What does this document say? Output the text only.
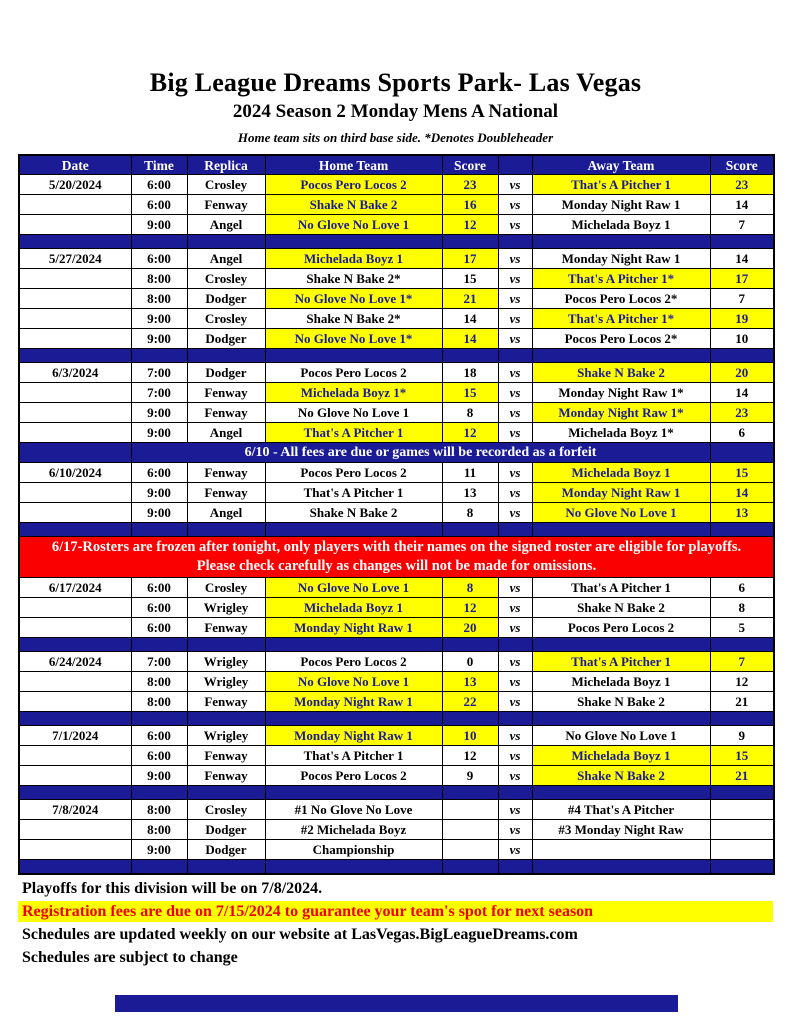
Big League Dreams Sports Park- Las Vegas
2024 Season 2 Monday Mens A National
Home team sits on third base side. *Denotes Doubleheader
Date	Time	Replica	Home Team	Score		Away Team	Score
5/20/2024	6:00	Crosley	Pocos Pero Locos 2	23	vs	That's A Pitcher 1	23
	6:00	Fenway	Shake N Bake 2	16	vs	Monday Night Raw 1	14
	9:00	Angel	No Glove No Love 1	12	vs	Michelada Boyz 1	7

5/27/2024	6:00	Angel	Michelada Boyz 1	17	vs	Monday Night Raw 1	14
	8:00	Crosley	Shake N Bake 2*	15	vs	That's A Pitcher 1*	17
	8:00	Dodger	No Glove No Love 1*	21	vs	Pocos Pero Locos 2*	7
	9:00	Crosley	Shake N Bake 2*	14	vs	That's A Pitcher 1*	19
	9:00	Dodger	No Glove No Love 1*	14	vs	Pocos Pero Locos 2*	10

6/3/2024	7:00	Dodger	Pocos Pero Locos 2	18	vs	Shake N Bake 2	20
	7:00	Fenway	Michelada Boyz 1*	15	vs	Monday Night Raw 1*	14
	9:00	Fenway	No Glove No Love 1	8	vs	Monday Night Raw 1*	23
	9:00	Angel	That's A Pitcher 1	12	vs	Michelada Boyz 1*	6
	6/10 - All fees are due or games will be recorded as a forfeit						
6/10/2024	6:00	Fenway	Pocos Pero Locos 2	11	vs	Michelada Boyz 1	15
	9:00	Fenway	That's A Pitcher 1	13	vs	Monday Night Raw 1	14
	9:00	Angel	Shake N Bake 2	8	vs	No Glove No Love 1	13

6/17-Rosters are frozen after tonight, only players with their names on the signed roster are eligible for playoffs.
Please check carefully as changes will not be made for omissions.							

6/17/2024	6:00	Crosley	No Glove No Love 1	8	vs	That's A Pitcher 1	6
	6:00	Wrigley	Michelada Boyz 1	12	vs	Shake N Bake 2	8
	6:00	Fenway	Monday Night Raw 1	20	vs	Pocos Pero Locos 2	5

6/24/2024	7:00	Wrigley	Pocos Pero Locos 2	0	vs	That's A Pitcher 1	7
	8:00	Wrigley	No Glove No Love 1	13	vs	Michelada Boyz 1	12
	8:00	Fenway	Monday Night Raw 1	22	vs	Shake N Bake 2	21

7/1/2024	6:00	Wrigley	Monday Night Raw 1	10	vs	No Glove No Love 1	9
	6:00	Fenway	That's A Pitcher 1	12	vs	Michelada Boyz 1	15
	9:00	Fenway	Pocos Pero Locos 2	9	vs	Shake N Bake 2	21

7/8/2024	8:00	Crosley	#1 No Glove No Love		vs	#4 That's A Pitcher	
	8:00	Dodger	#2 Michelada Boyz		vs	#3 Monday Night Raw	
	9:00	Dodger	Championship		vs		

Playoffs for this division will be on 7/8/2024.
Registration fees are due on 7/15/2024 to guarantee your team's spot for next season
Schedules are updated weekly on our website at LasVegas.BigLeagueDreams.com
Schedules are subject to change
